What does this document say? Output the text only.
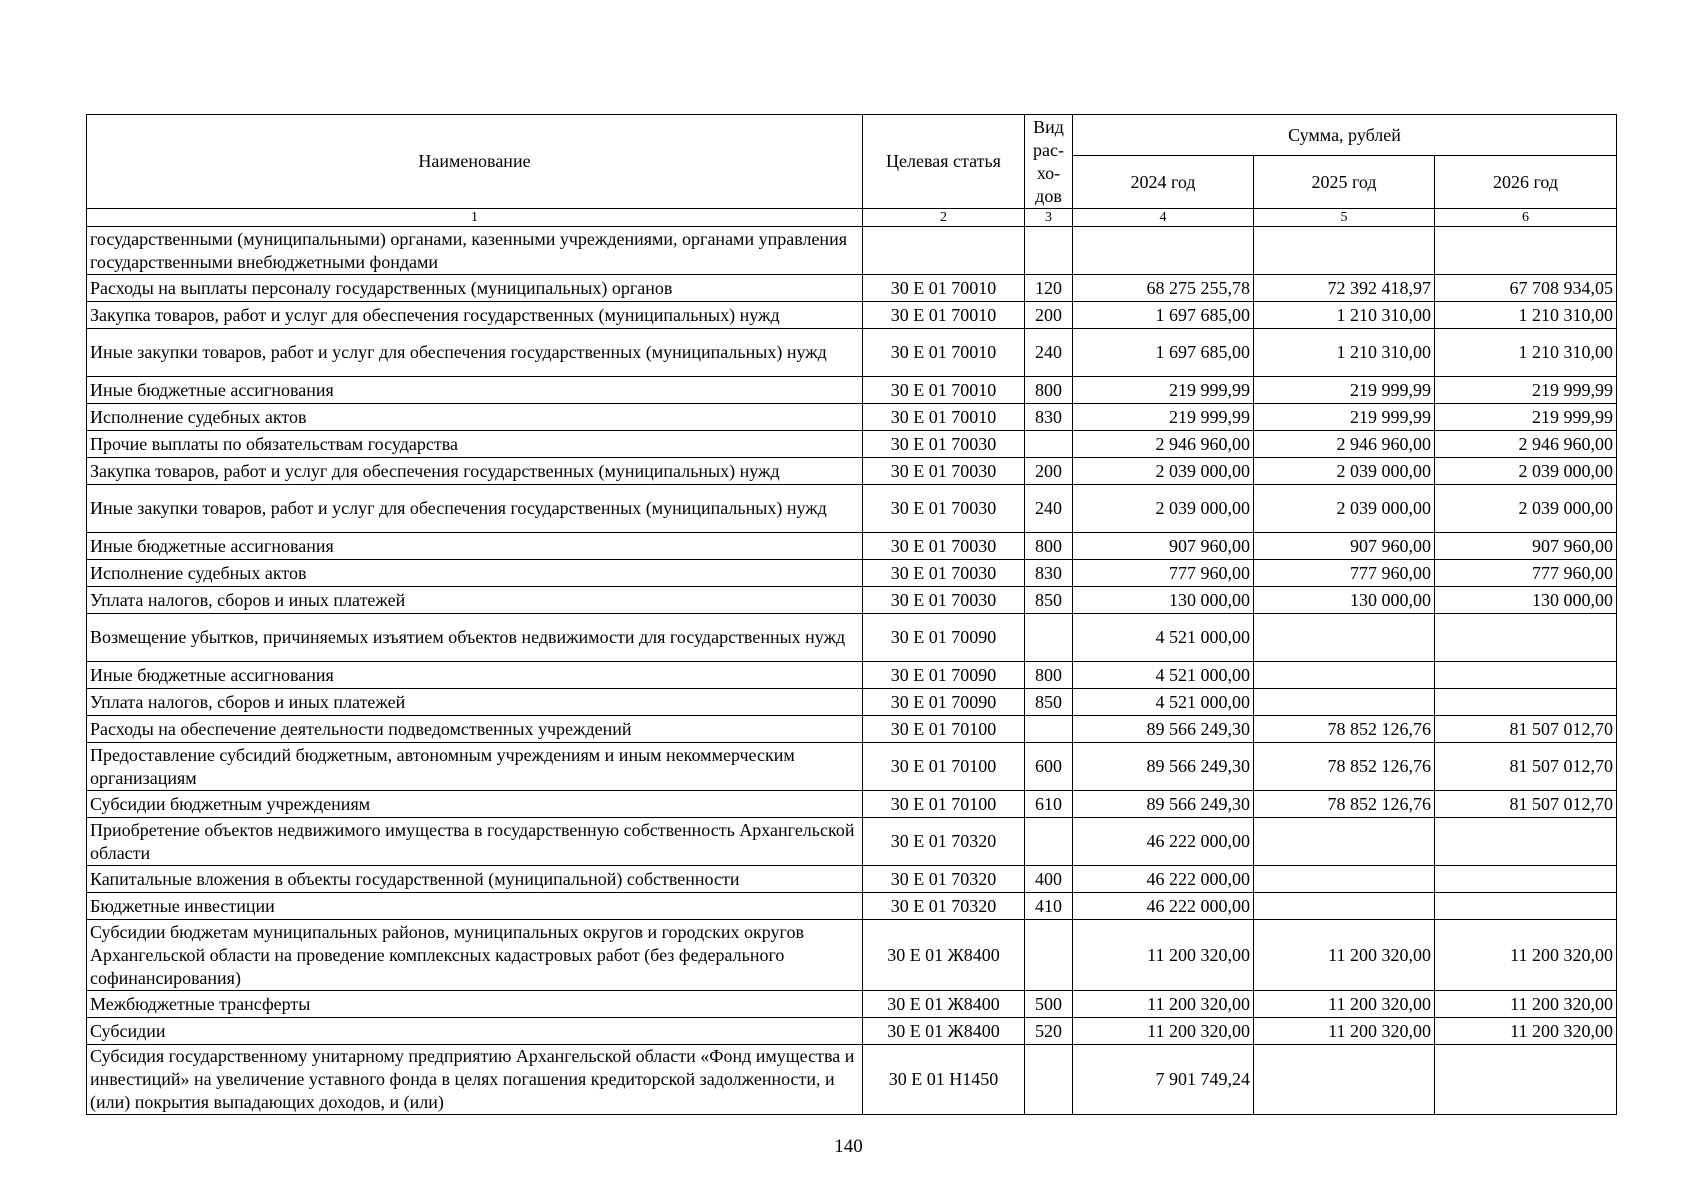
Наименование	Целевая статья	Вид рас-хо-дов	Сумма, рублей		
			2024 год	2025 год	2026 год
1	2	3	4	5	6
государственными (муниципальными) органами, казенными учреждениями, органами управления государственными внебюджетными фондами					
Расходы на выплаты персоналу государственных (муниципальных) органов	30 Е 01 70010	120	68 275 255,78	72 392 418,97	67 708 934,05
Закупка товаров, работ и услуг для обеспечения государственных (муниципальных) нужд	30 Е 01 70010	200	1 697 685,00	1 210 310,00	1 210 310,00
Иные закупки товаров, работ и услуг для обеспечения государственных (муниципальных) нужд	30 Е 01 70010	240	1 697 685,00	1 210 310,00	1 210 310,00
Иные бюджетные ассигнования	30 Е 01 70010	800	219 999,99	219 999,99	219 999,99
Исполнение судебных актов	30 Е 01 70010	830	219 999,99	219 999,99	219 999,99
Прочие выплаты по обязательствам государства	30 Е 01 70030		2 946 960,00	2 946 960,00	2 946 960,00
Закупка товаров, работ и услуг для обеспечения государственных (муниципальных) нужд	30 Е 01 70030	200	2 039 000,00	2 039 000,00	2 039 000,00
Иные закупки товаров, работ и услуг для обеспечения государственных (муниципальных) нужд	30 Е 01 70030	240	2 039 000,00	2 039 000,00	2 039 000,00
Иные бюджетные ассигнования	30 Е 01 70030	800	907 960,00	907 960,00	907 960,00
Исполнение судебных актов	30 Е 01 70030	830	777 960,00	777 960,00	777 960,00
Уплата налогов, сборов и иных платежей	30 Е 01 70030	850	130 000,00	130 000,00	130 000,00
Возмещение убытков, причиняемых изъятием объектов недвижимости для государственных нужд	30 Е 01 70090		4 521 000,00		
Иные бюджетные ассигнования	30 Е 01 70090	800	4 521 000,00		
Уплата налогов, сборов и иных платежей	30 Е 01 70090	850	4 521 000,00		
Расходы на обеспечение деятельности подведомственных учреждений	30 Е 01 70100		89 566 249,30	78 852 126,76	81 507 012,70
Предоставление субсидий бюджетным, автономным учреждениям и иным некоммерческим организациям	30 Е 01 70100	600	89 566 249,30	78 852 126,76	81 507 012,70
Субсидии бюджетным учреждениям	30 Е 01 70100	610	89 566 249,30	78 852 126,76	81 507 012,70
Приобретение объектов недвижимого имущества в государственную собственность Архангельской области	30 Е 01 70320		46 222 000,00		
Капитальные вложения в объекты государственной (муниципальной) собственности	30 Е 01 70320	400	46 222 000,00		
Бюджетные инвестиции	30 Е 01 70320	410	46 222 000,00		
Субсидии бюджетам муниципальных районов, муниципальных округов и городских округов Архангельской области на проведение комплексных кадастровых работ (без федерального софинансирования)	30 Е 01 Ж8400		11 200 320,00	11 200 320,00	11 200 320,00
Межбюджетные трансферты	30 Е 01 Ж8400	500	11 200 320,00	11 200 320,00	11 200 320,00
Субсидии	30 Е 01 Ж8400	520	11 200 320,00	11 200 320,00	11 200 320,00
Субсидия государственному унитарному предприятию Архангельской области «Фонд имущества и инвестиций» на увеличение уставного фонда в целях погашения кредиторской задолженности, и (или) покрытия выпадающих доходов, и (или)	30 Е 01 Н1450		7 901 749,24		
140
